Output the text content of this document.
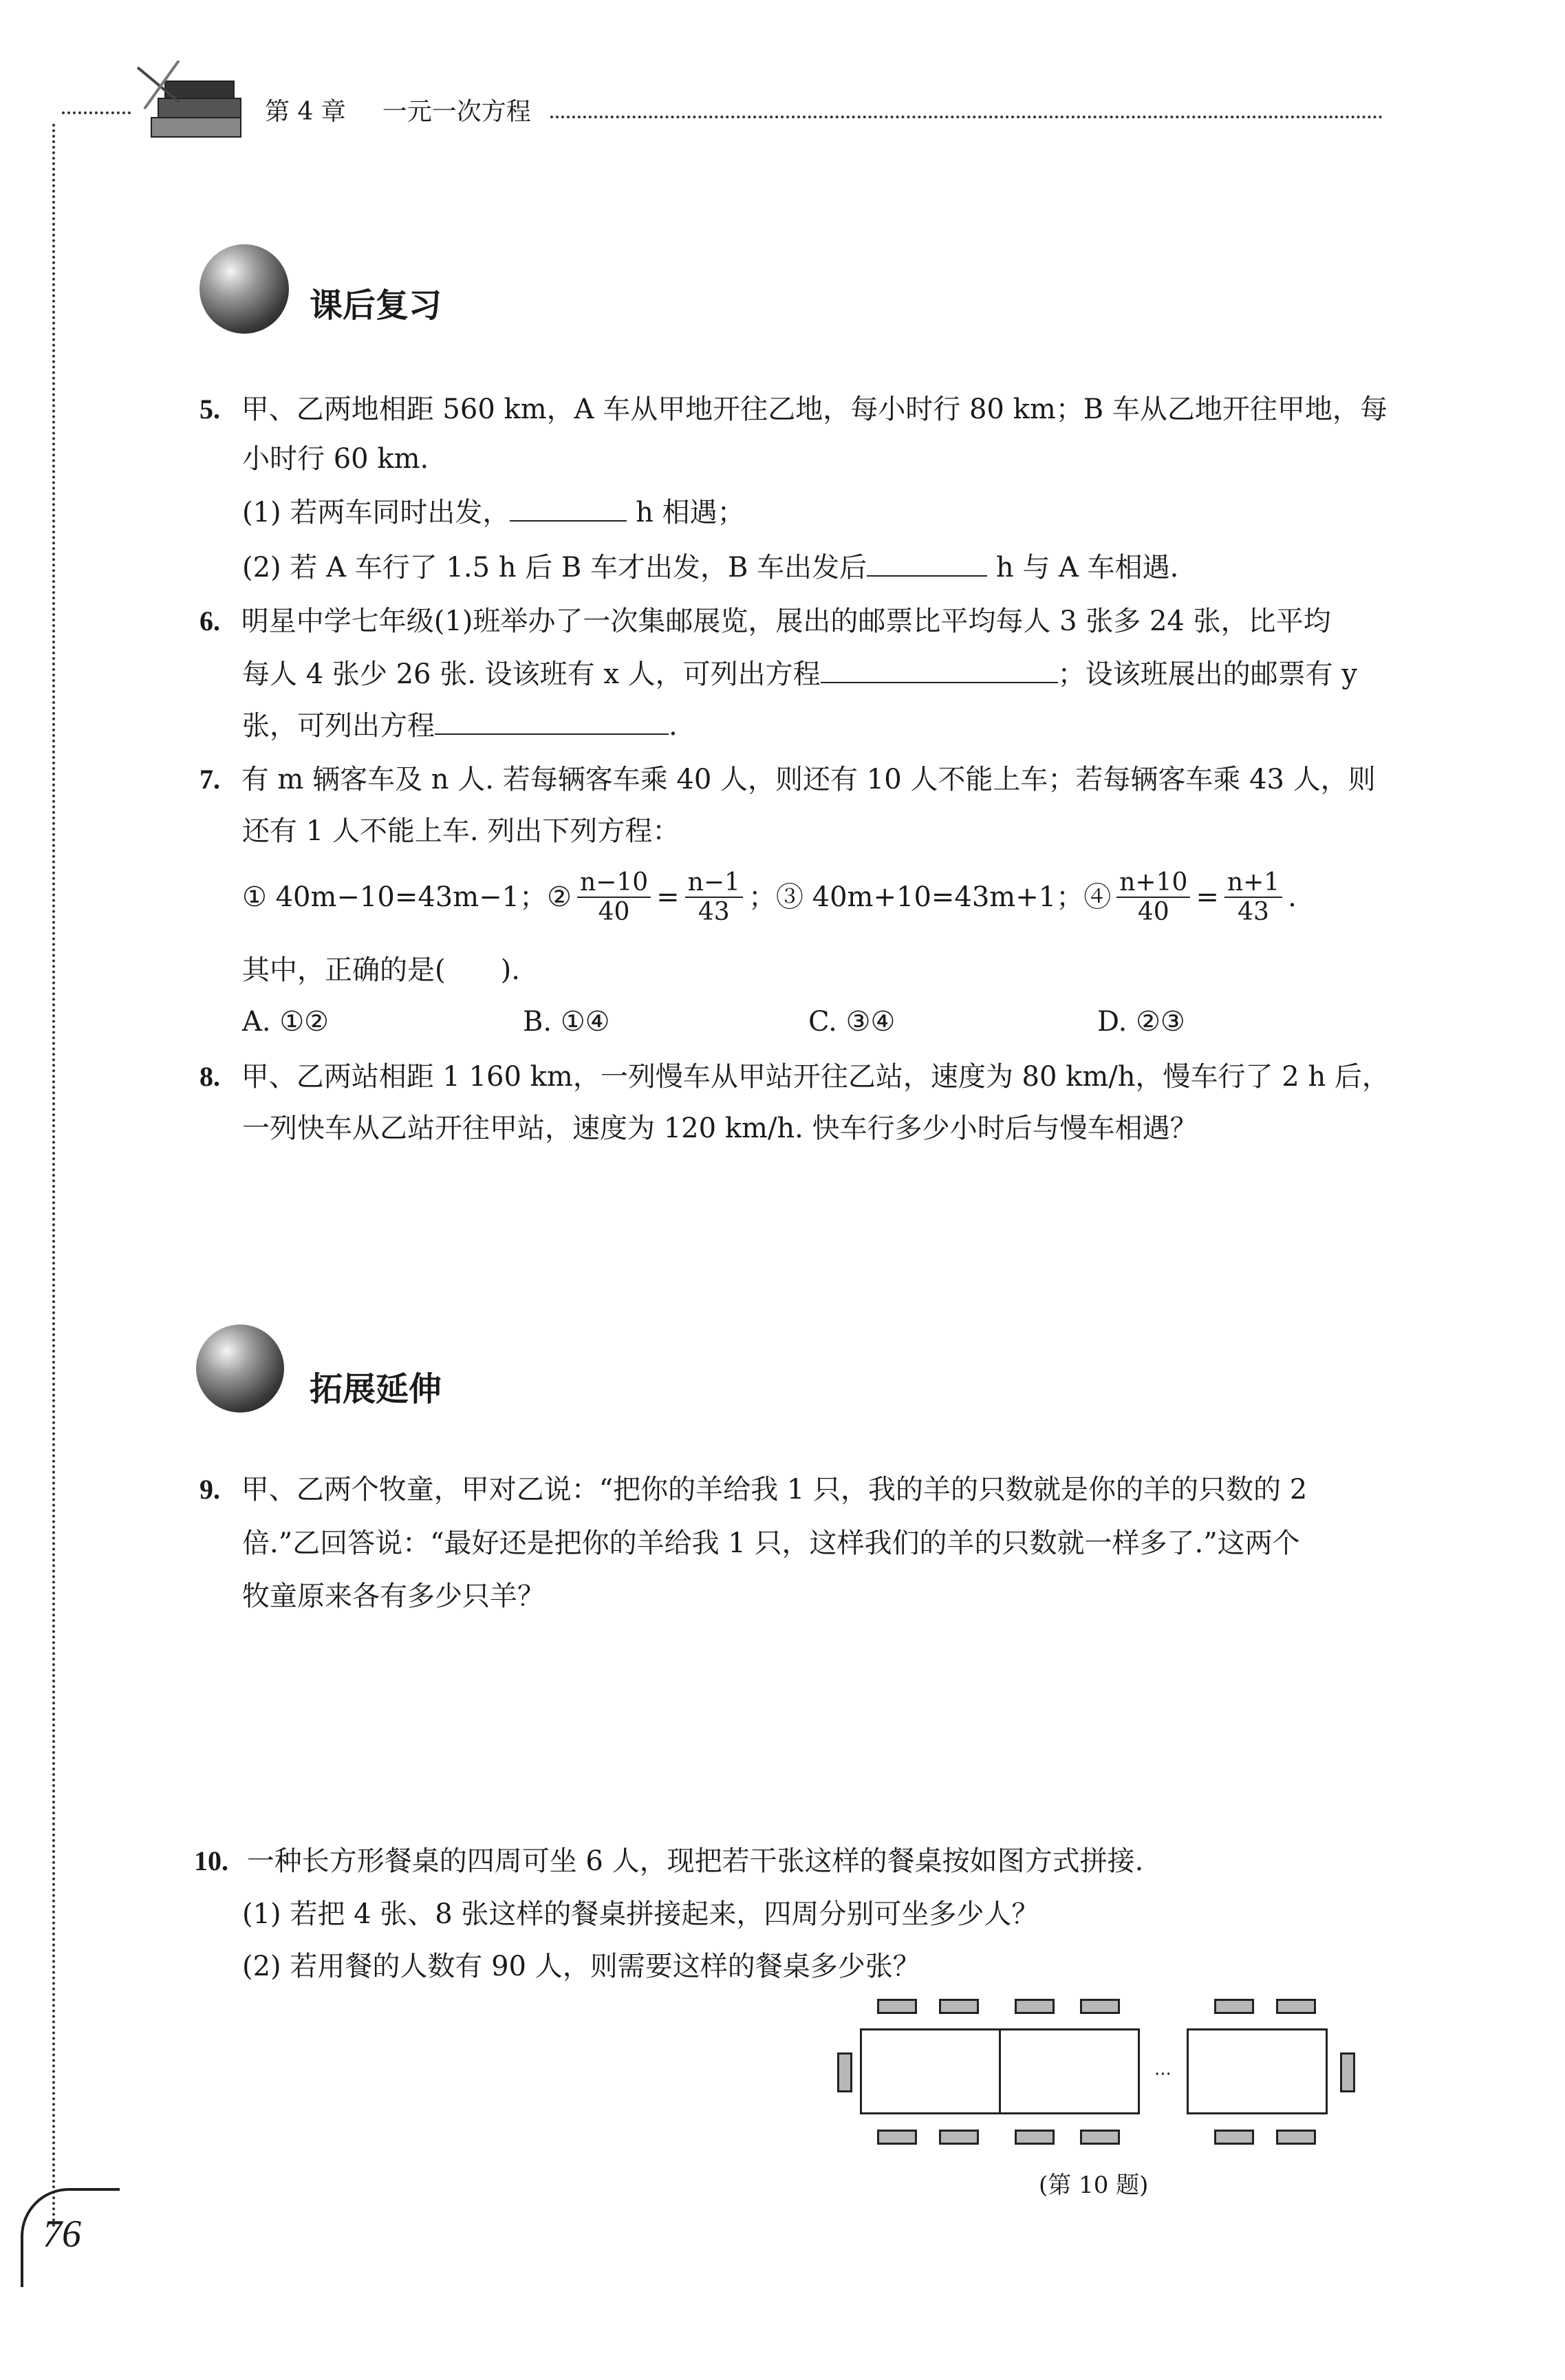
第 4 章 一元一次方程
课后复习
5. 甲、乙两地相距 560 km，A 车从甲地开往乙地，每小时行 80 km；B 车从乙地开往甲地，每
小时行 60 km.
(1) 若两车同时出发，	h 相遇；
(2) 若 A 车行了 1.5 h 后 B 车才出发，B 车出发后	h 与 A 车相遇.
6. 明星中学七年级(1)班举办了一次集邮展览，展出的邮票比平均每人 3 张多 24 张，比平均
每人 4 张少 26 张. 设该班有 x 人，可列出方程	；设该班展出的邮票有 y
张，可列出方程	.
7. 有 m 辆客车及 n 人. 若每辆客车乘 40 人，则还有 10 人不能上车；若每辆客车乘 43 人，则
还有 1 人不能上车. 列出下列方程：
① 40m−10=43m−1；② $\frac{n-10}{40} = \frac{n-1}{43}$ ；③ 40m+10=43m+1；④ $\frac{n+10}{40} = \frac{n+1}{43}$ .
其中，正确的是(　　).
A. ①②	B. ①④	C. ③④	D. ②③
8. 甲、乙两站相距 1 160 km，一列慢车从甲站开往乙站，速度为 80 km/h，慢车行了 2 h 后，
一列快车从乙站开往甲站，速度为 120 km/h. 快车行多少小时后与慢车相遇？
拓展延伸
9. 甲、乙两个牧童，甲对乙说：“把你的羊给我 1 只，我的羊的只数就是你的羊的只数的 2
倍.”乙回答说：“最好还是把你的羊给我 1 只，这样我们的羊的只数就一样多了.”这两个
牧童原来各有多少只羊？
10. 一种长方形餐桌的四周可坐 6 人，现把若干张这样的餐桌按如图方式拼接.
(1) 若把 4 张、8 张这样的餐桌拼接起来，四周分别可坐多少人？
(2) 若用餐的人数有 90 人，则需要这样的餐桌多少张？
···
(第 10 题)
76
